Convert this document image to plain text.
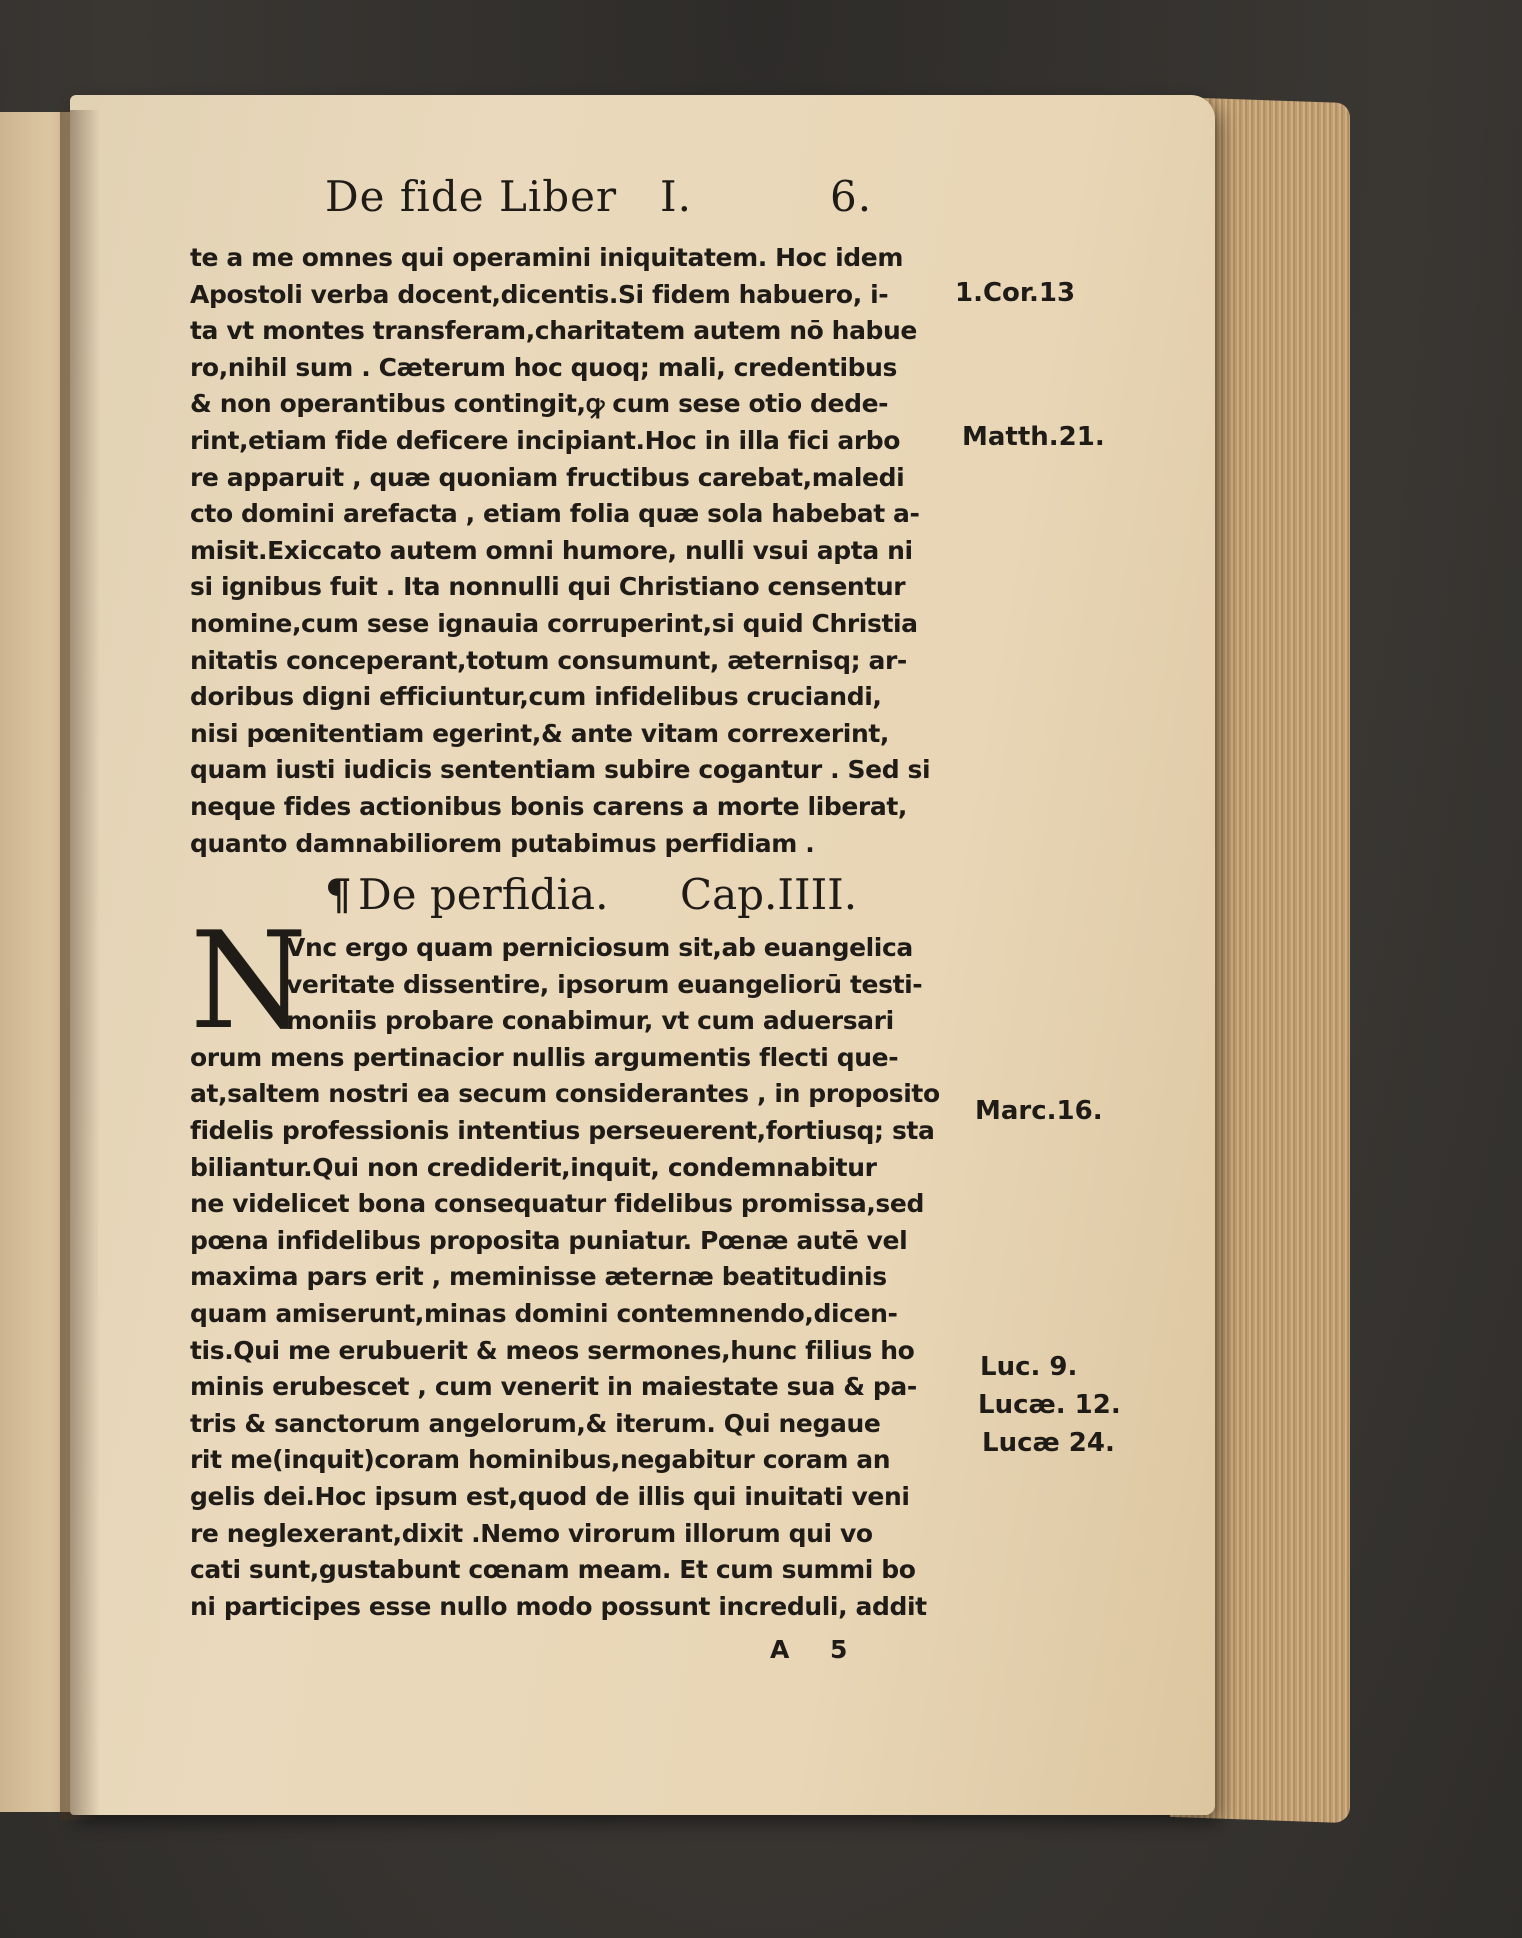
De fide Liber I.	6.
te a me omnes qui operamini iniquitatem. Hoc idem
Apostoli verba docent,dicentis.Si fidem habuero, i-
ta vt montes transferam,charitatem autem nō habue
ro,nihil sum . Cæterum hoc quoq; mali, credentibus
& non operantibus contingit,ꝙ cum sese otio dede-
rint,etiam fide deficere incipiant.Hoc in illa fici arbo
re apparuit , quæ quoniam fructibus carebat,maledi
cto domini arefacta , etiam folia quæ sola habebat a-
misit.Exiccato autem omni humore, nulli vsui apta ni
si ignibus fuit . Ita nonnulli qui Christiano censentur
nomine,cum sese ignauia corruperint,si quid Christia
nitatis conceperant,totum consumunt, æternisq; ar-
doribus digni efficiuntur,cum infidelibus cruciandi,
nisi pœnitentiam egerint,& ante vitam correxerint,
quam iusti iudicis sententiam subire cogantur . Sed si
neque fides actionibus bonis carens a morte liberat,
quanto damnabiliorem putabimus perfidiam .
¶ De perfidia. Cap.IIII.
N
Vnc ergo quam perniciosum sit,ab euangelica
veritate dissentire, ipsorum euangeliorū testi-
moniis probare conabimur, vt cum aduersari
orum mens pertinacior nullis argumentis flecti que-
at,saltem nostri ea secum considerantes , in proposito
fidelis professionis intentius perseuerent,fortiusq; sta
biliantur.Qui non crediderit,inquit, condemnabitur
ne videlicet bona consequatur fidelibus promissa,sed
pœna infidelibus proposita puniatur. Pœnæ autē vel
maxima pars erit , meminisse æternæ beatitudinis
quam amiserunt,minas domini contemnendo,dicen-
tis.Qui me erubuerit & meos sermones,hunc filius ho
minis erubescet , cum venerit in maiestate sua & pa-
tris & sanctorum angelorum,& iterum. Qui negaue
rit me(inquit)coram hominibus,negabitur coram an
gelis dei.Hoc ipsum est,quod de illis qui inuitati veni
re neglexerant,dixit .Nemo virorum illorum qui vo
cati sunt,gustabunt cœnam meam. Et cum summi bo
ni participes esse nullo modo possunt increduli, addit
A 5
1.Cor.13
Matth.21.
Marc.16.
Luc. 9.
Lucæ. 12.
Lucæ 24.
